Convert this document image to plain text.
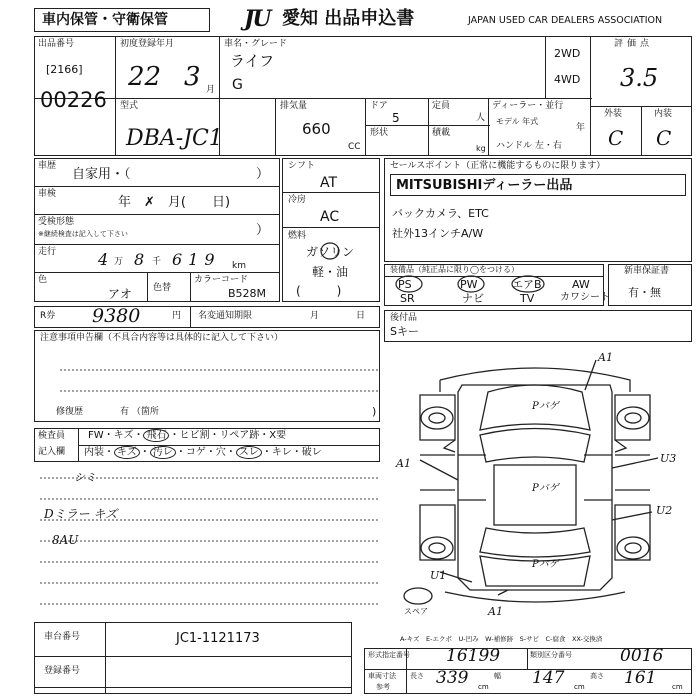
車内保管・守衛保管	JU 愛知 出品申込書	JAPAN USED CAR DEALERS ASSOCIATION
出品番号
[2166]
00226
初度登録年月
22 3 月
車名・グレード
ライフ
G
2WD
4WD
評価点
3.5
外装	内装
C C
型式
DBA-JC1
排気量
660
CC
ドア
5
形状
定員
人
積載
kg
ディーラー・並行
モデル 年式
年
ハンドル 左・右
車歴
自家用・（	）
車検
年　✗　月(　　日)
受検形態
※継続検査は記入して下さい	）
走行	4 万 8 千 619 km
色
アオ 色替
カラーコード
B528M
シフト
AT
冷房
AC
燃料
ガソリン
軽・油
(　　　)
セールスポイント（正常に機能するものに限ります）
MITSUBISHIディーラー出品
バックカメラ、ETC
社外13インチA/W
装備品（純正品に限り◯をつける）
PS	PW	エアB	AW
SR	ナビ	TV	カワシート
新車保証書
有・無
後付品
Sキー
R券 9380	円 名変通知期限	月	日
注意事項申告欄（不具合内容等は具体的に記入して下さい）
修復歴	有 （箇所	)
検査員
記入欄
FW・キズ・ 飛石 ・ヒビ割・リペア跡・X要
内装・ キズ ・ 汚レ ・コゲ・穴・ スレ ・キレ・破レ
シミ
Dミラー キズ
8AU
A1
A1	U3
U2
U1
A1
Pバゲ
Pバゲ
Pバゲ
スペア
A-キズ　E-エクボ　U-凹み　W-補修跡　S-サビ　C-腐食　XX-交換済
車台番号	JC1-1121173
登録番号
形式指定番号 16199	類別区分番号	0016
車両寸法
参考
長さ 339 cm
幅 147 cm
高さ 161 cm
